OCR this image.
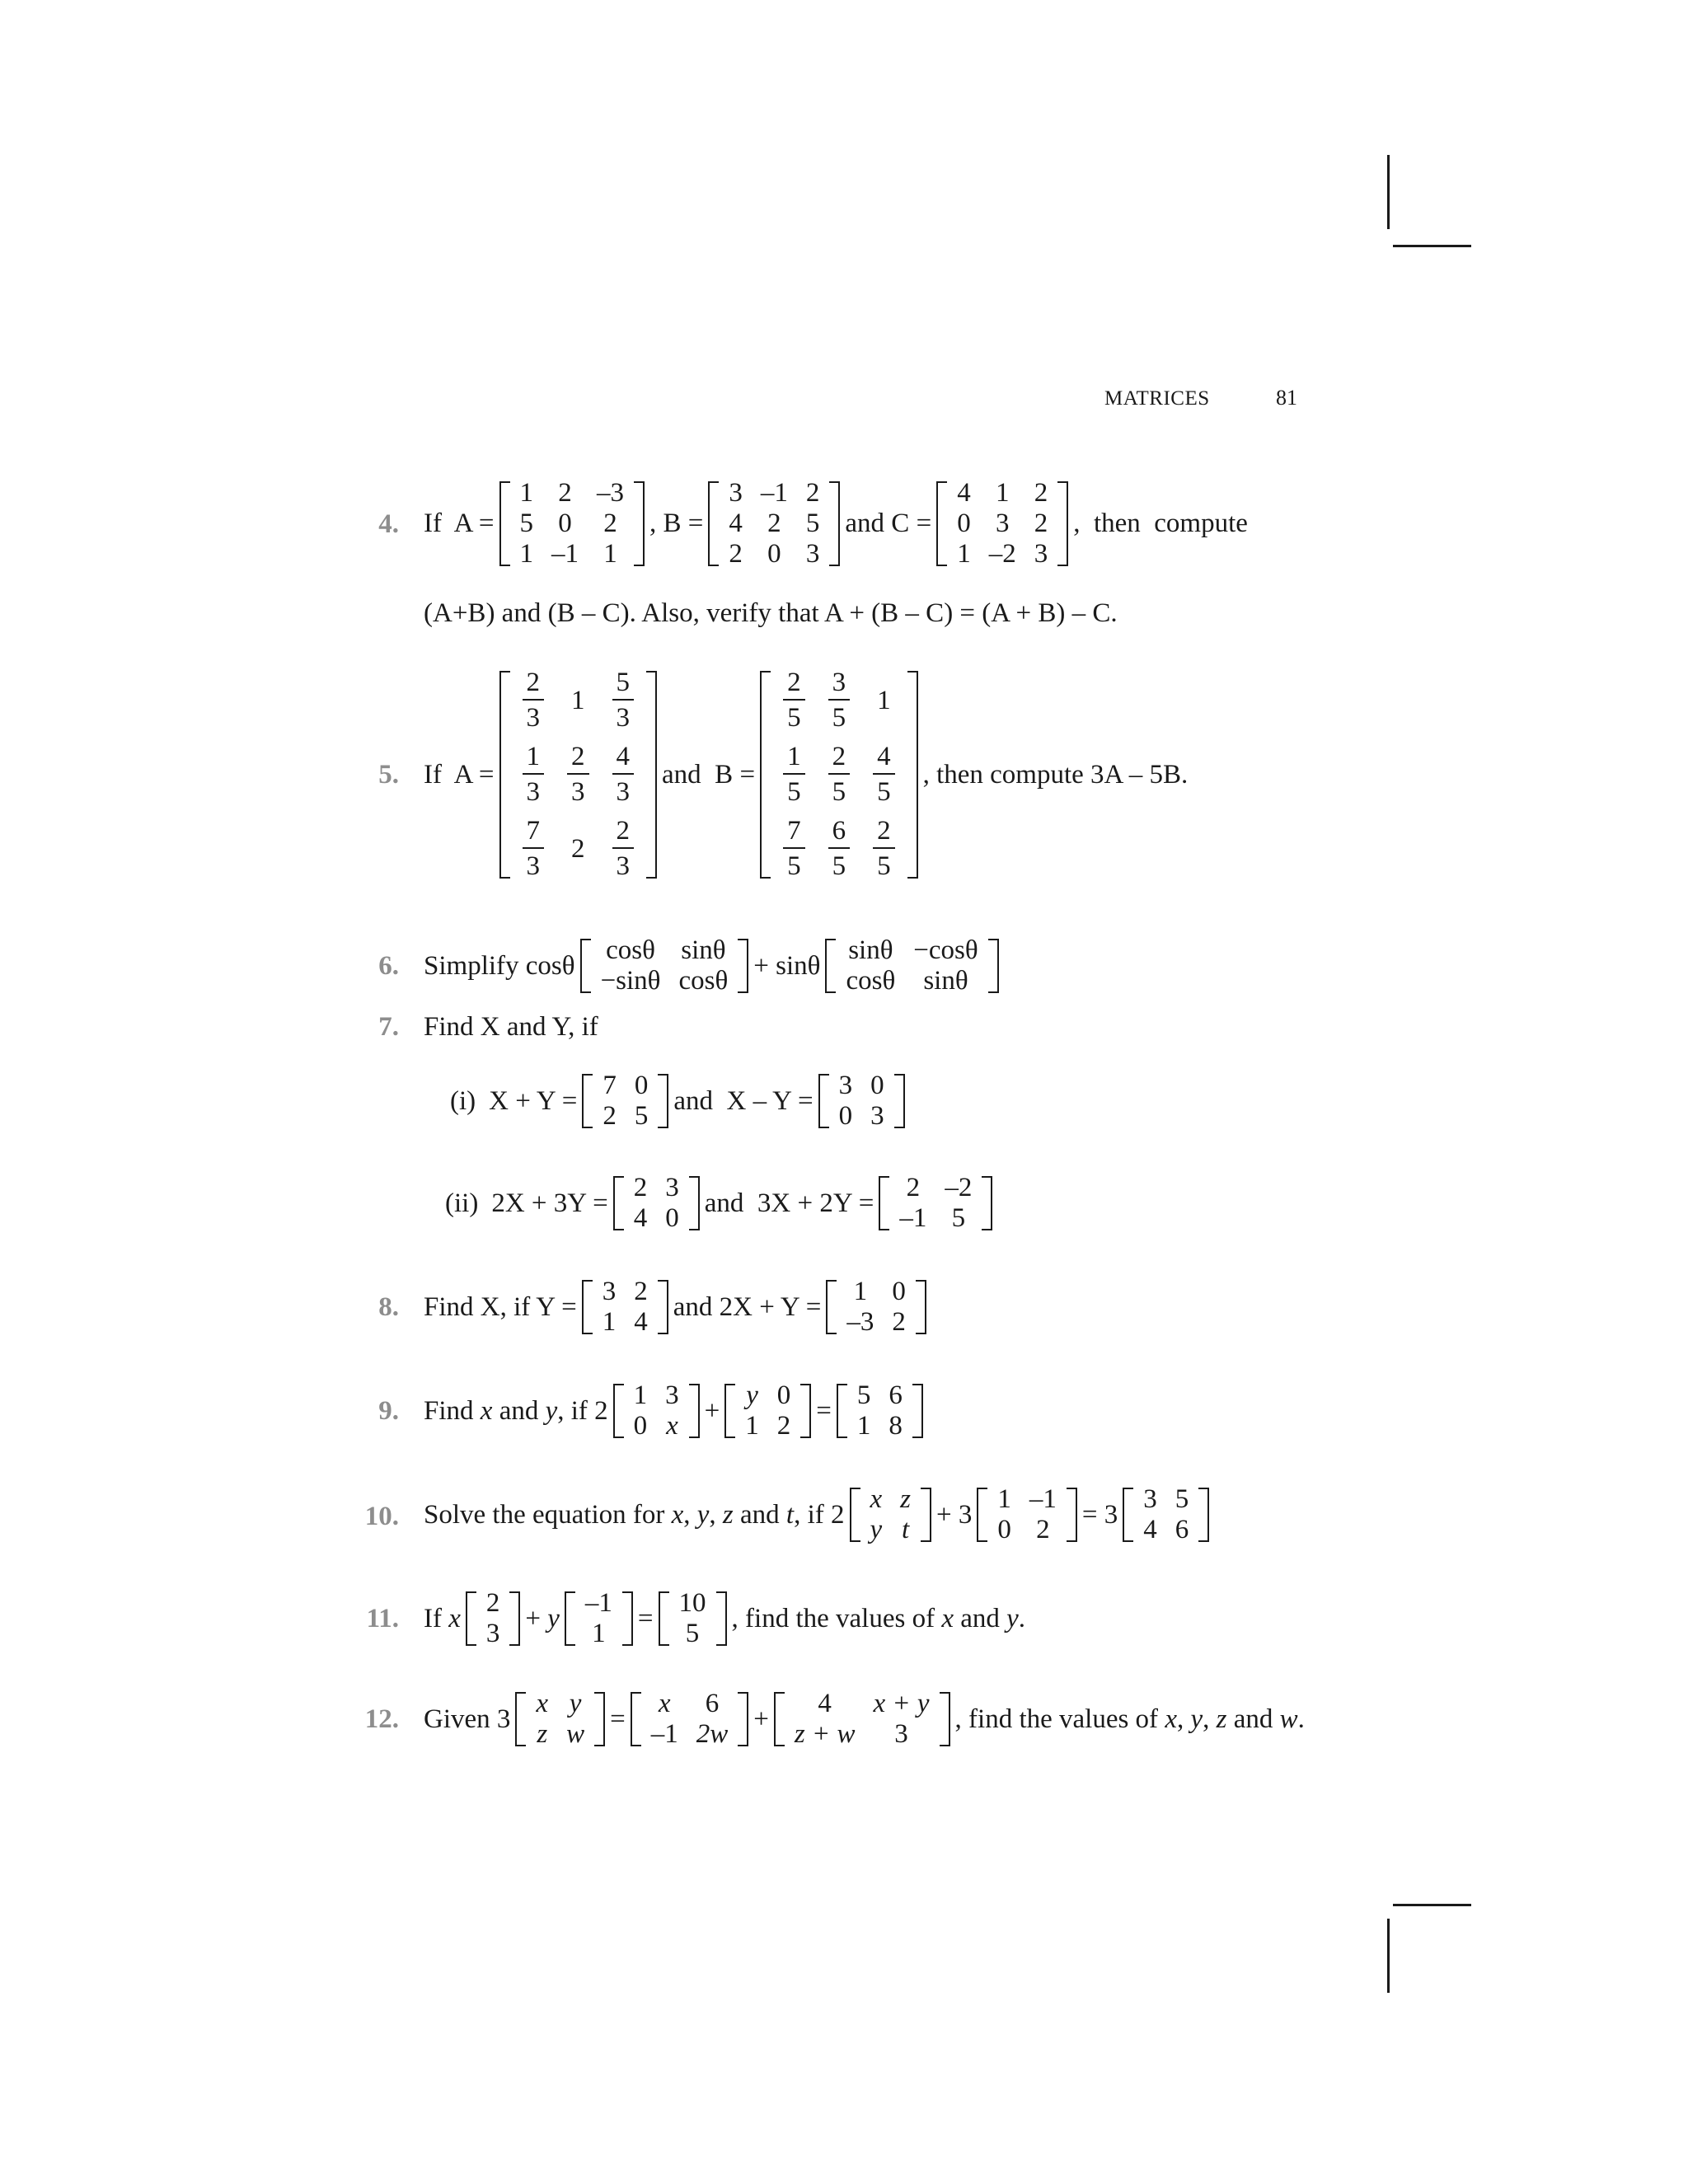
MATRICES	81
4. If  A =
1 2 –3
5 0	2
1 –1 1
, B =
3 –1 2
4 2 5
2 0 3
and C =
4 1 2
0 3 2
1 –2 3
,  then  compute
(A+B) and (B – C). Also, verify that A + (B – C) = (A + B) – C.
5. If  A =
$\frac{2}{3}$	1	$\frac{5}{3}$
$\frac{1}{3} \frac{2}{3} \frac{4}{3}$
$\frac{7}{3}$	2	$\frac{2}{3}$
and  B =
$\frac{2}{5} \frac{3}{5}$	1
$\frac{1}{5} \frac{2}{5} \frac{4}{5}$
$\frac{7}{5} \frac{6}{5} \frac{2}{5}$
, then compute 3A – 5B.
6. Simplify cosθ
cosθ sinθ
−sinθ cosθ
+ sinθ
sinθ −cosθ
cosθ	sinθ
7. Find X and Y, if
(i) X + Y =
7 0
2 5
and  X – Y =
3 0
0 3
(ii) 2X + 3Y =
2 3
4 0
and  3X + 2Y =
2 –2
–1 5
8. Find X, if Y =
3 2
1 4
and 2X + Y =
1 0
–3 2
9. Find x and y , if 2
1 3
0 x
+
y 0
1 2
=
5 6
1 8
10. Solve the equation for x , y , z and t , if 2
x z
y t
+ 3
1 –1
0 2
= 3
3 5
4 6
11. If x
2
3
+ y
–1
1
=
10
5
, find the values of x and y .
12. Given 3
x y
z w
=
x	6
–1 2w
+
4	x + y
z + w	3
, find the values of x , y , z and w .
